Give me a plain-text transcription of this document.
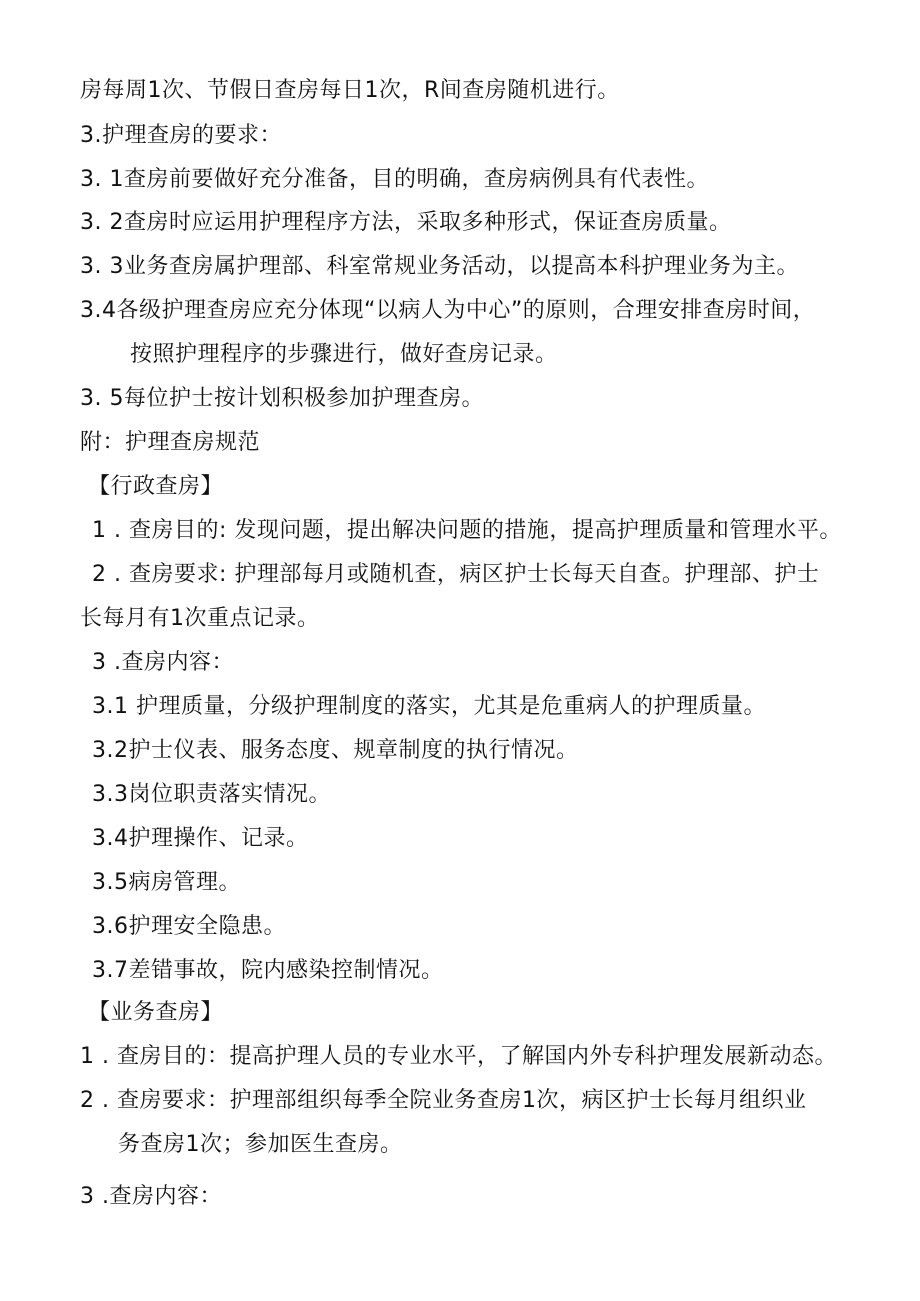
房每周1次、节假日查房每日1次，R间查房随机进行。
3.护理查房的要求：
3. 1查房前要做好充分准备，目的明确，查房病例具有代表性。
3. 2查房时应运用护理程序方法，采取多种形式，保证查房质量。
3. 3业务查房属护理部、科室常规业务活动，以提高本科护理业务为主。
3.4各级护理查房应充分体现“以病人为中心”的原则，合理安排查房时间，
按照护理程序的步骤进行，做好查房记录。
3. 5每位护士按计划积极参加护理查房。
附：护理查房规范
【行政查房】
1 . 查房目的: 发现问题，提出解决问题的措施，提高护理质量和管理水平。
2 . 查房要求: 护理部每月或随机查，病区护士长每天自查。护理部、护士
长每月有1次重点记录。
3 .查房内容：
3.1 护理质量，分级护理制度的落实，尤其是危重病人的护理质量。
3.2护士仪表、服务态度、规章制度的执行情况。
3.3岗位职责落实情况。
3.4护理操作、记录。
3.5病房管理。
3.6护理安全隐患。
3.7差错事故，院内感染控制情况。
【业务查房】
1 . 查房目的：提高护理人员的专业水平，了解国内外专科护理发展新动态。
2 . 查房要求：护理部组织每季全院业务查房1次，病区护士长每月组织业
务查房1次；参加医生查房。
3 .查房内容：
